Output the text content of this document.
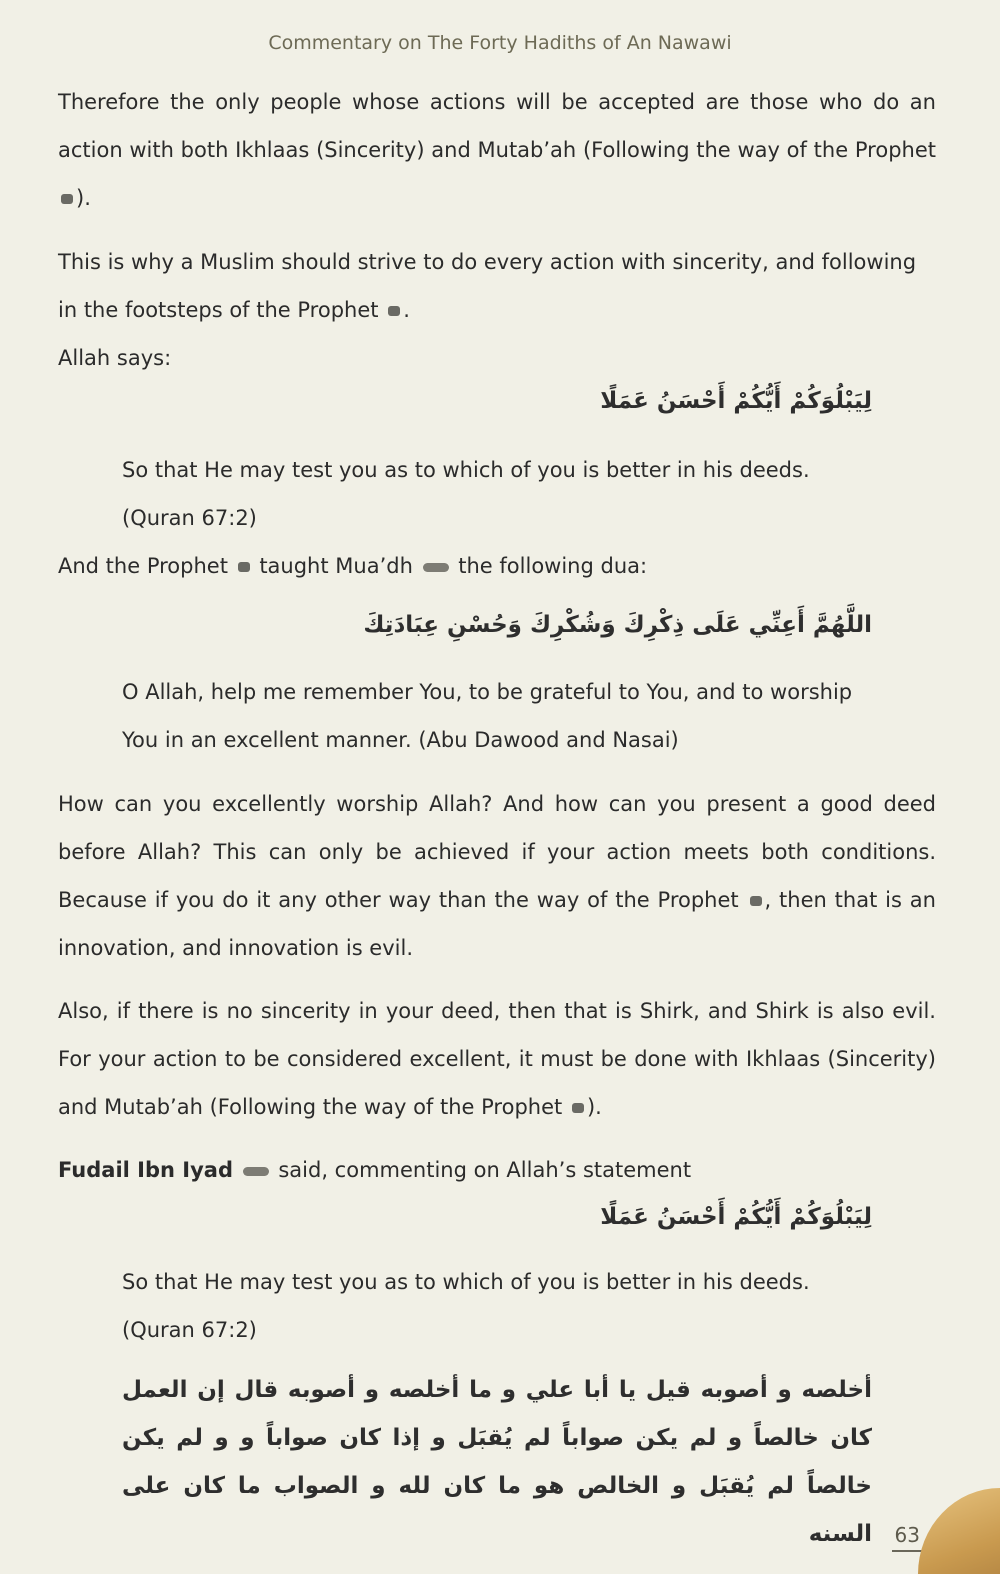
Commentary on The Forty Hadiths of An Nawawi
Therefore the only people whose actions will be accepted are those who do an action with both Ikhlaas (Sincerity) and Mutab’ah (Following the way of the Prophet ).
This is why a Muslim should strive to do every action with sincerity, and following in the footsteps of the Prophet .
Allah says:
لِيَبْلُوَكُمْ أَيُّكُمْ أَحْسَنُ عَمَلًا
So that He may test you as to which of you is better in his deeds. (Quran 67:2)
And the Prophet taught Mua’dh the following dua:
اللَّهُمَّ أَعِنِّي عَلَى ذِكْرِكَ وَشُكْرِكَ وَحُسْنِ عِبَادَتِكَ
O Allah, help me remember You, to be grateful to You, and to worship You in an excellent manner. (Abu Dawood and Nasai)
How can you excellently worship Allah? And how can you present a good deed before Allah? This can only be achieved if your action meets both conditions. Because if you do it any other way than the way of the Prophet , then that is an innovation, and innovation is evil.
Also, if there is no sincerity in your deed, then that is Shirk, and Shirk is also evil. For your action to be considered excellent, it must be done with Ikhlaas (Sincerity) and Mutab’ah (Following the way of the Prophet ).
Fudail Ibn Iyad said, commenting on Allah’s statement
لِيَبْلُوَكُمْ أَيُّكُمْ أَحْسَنُ عَمَلًا
So that He may test you as to which of you is better in his deeds. (Quran 67:2)
أخلصه و أصوبه قيل يا أبا علي و ما أخلصه و أصوبه قال إن العمل كان خالصاً و لم يكن صواباً لم يُقبَل و إذا كان صواباً و و لم يكن خالصاً لم يُقبَل و الخالص هو ما كان لله و الصواب ما كان على السنه 63
